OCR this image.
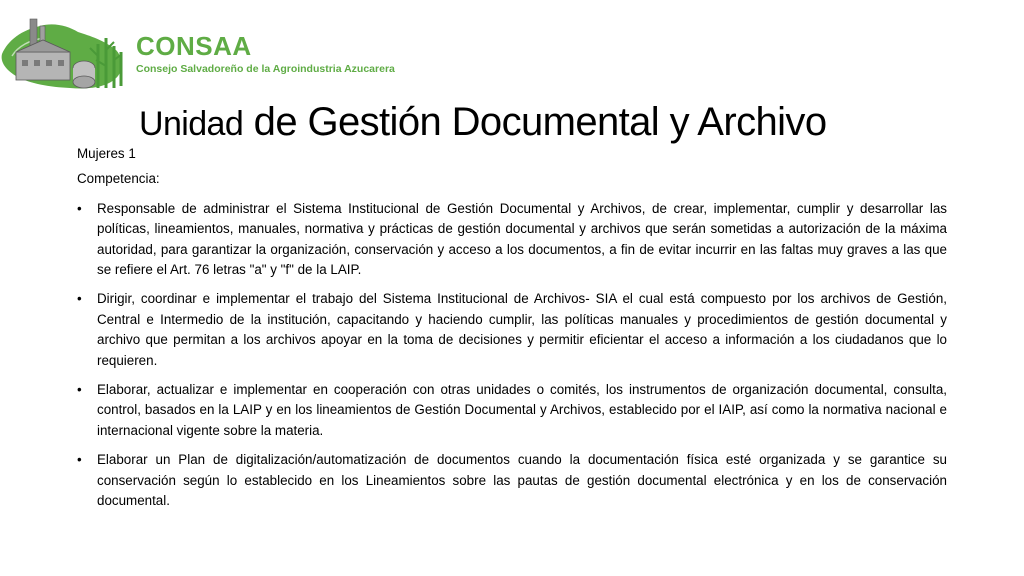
CONSAA
Consejo Salvadoreño de la Agroindustria Azucarera
Unidad de Gestión Documental y Archivo

Mujeres 1

Competencia:

• Responsable de administrar el Sistema Institucional de Gestión Documental y Archivos, de crear, implementar, cumplir y desarrollar las políticas, lineamientos, manuales, normativa y prácticas de gestión documental y archivos que serán sometidas a autorización de la máxima autoridad, para garantizar la organización, conservación y acceso a los documentos, a fin de evitar incurrir en las faltas muy graves a las que se refiere el Art. 76 letras "a" y "f" de la LAIP.
• Dirigir, coordinar e implementar el trabajo del Sistema Institucional de Archivos- SIA el cual está compuesto por los archivos de Gestión, Central e Intermedio de la institución, capacitando y haciendo cumplir, las políticas manuales y procedimientos de gestión documental y archivo que permitan a los archivos apoyar en la toma de decisiones y permitir eficientar el acceso a información a los ciudadanos que lo requieren.
• Elaborar, actualizar e implementar en cooperación con otras unidades o comités, los instrumentos de organización documental, consulta, control, basados en la LAIP y en los lineamientos de Gestión Documental y Archivos, establecido por el IAIP, así como la normativa nacional e internacional vigente sobre la materia.
• Elaborar un Plan de digitalización/automatización de documentos cuando la documentación física esté organizada y se garantice su conservación según lo establecido en los Lineamientos sobre las pautas de gestión documental electrónica y en los de conservación documental.
